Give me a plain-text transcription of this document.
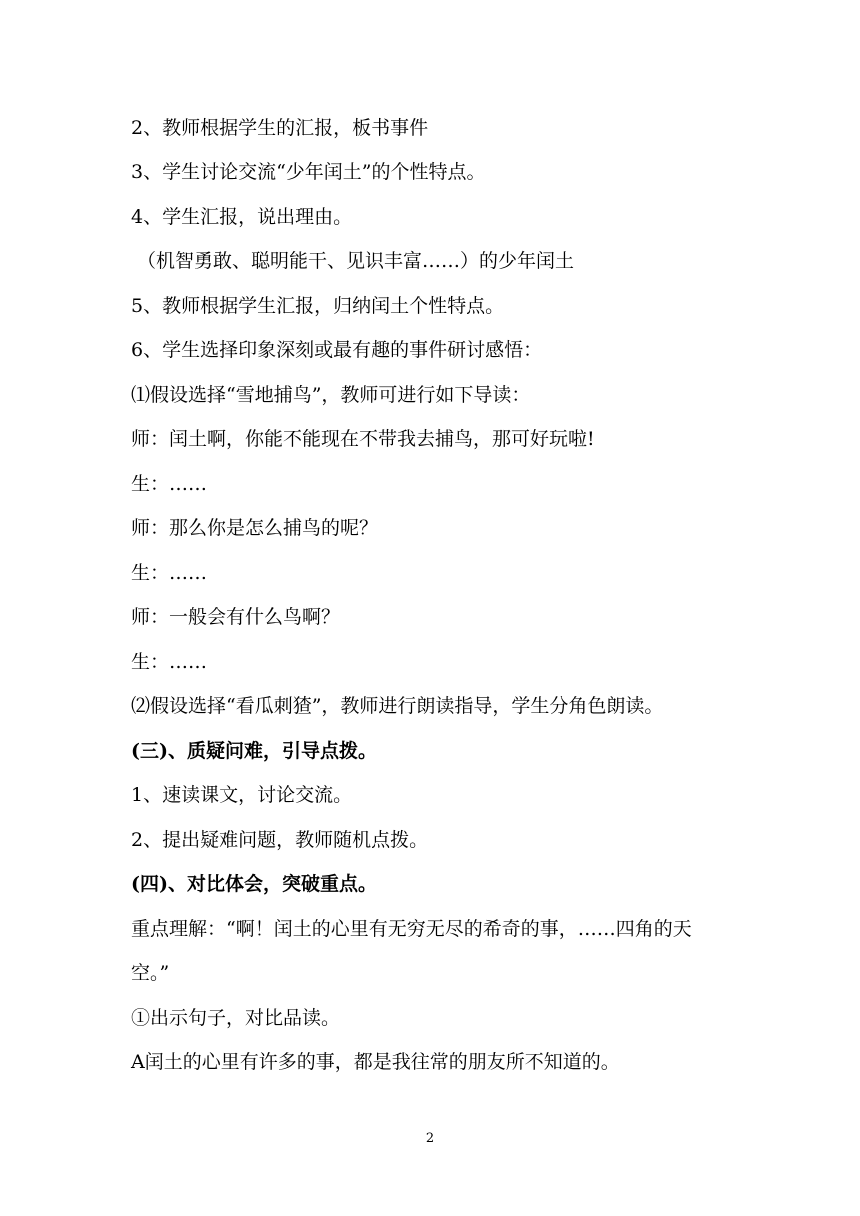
2、教师根据学生的汇报，板书事件
3、学生讨论交流“少年闰土”的个性特点。
4、学生汇报，说出理由。
（机智勇敢、聪明能干、见识丰富……）的少年闰土
5、教师根据学生汇报，归纳闰土个性特点。
6、学生选择印象深刻或最有趣的事件研讨感悟：
⑴假设选择“雪地捕鸟”，教师可进行如下导读：
师：闰土啊，你能不能现在不带我去捕鸟，那可好玩啦!
生：……
师：那么你是怎么捕鸟的呢？
生：……
师：一般会有什么鸟啊？
生：……
⑵假设选择“看瓜刺猹”，教师进行朗读指导，学生分角色朗读。
(三)、质疑问难，引导点拨。
1、速读课文，讨论交流。
2、提出疑难问题，教师随机点拨。
(四)、对比体会，突破重点。
重点理解：“啊！闰土的心里有无穷无尽的希奇的事，……四角的天
空。”
①出示句子，对比品读。
A闰土的心里有许多的事，都是我往常的朋友所不知道的。
2
